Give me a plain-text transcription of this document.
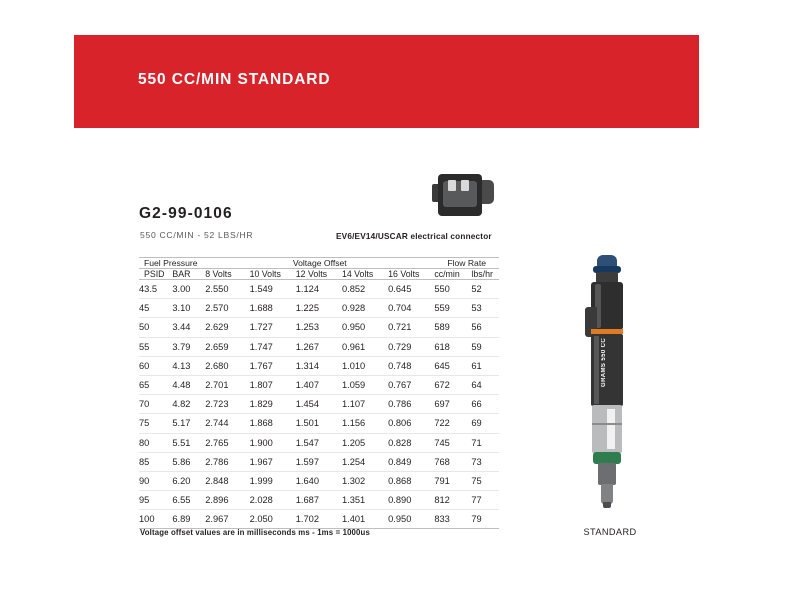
550 CC/MIN STANDARD
G2-99-0106
550 CC/MIN - 52 LBS/HR	EV6/EV14/USCAR electrical connector
Fuel Pressure		Voltage Offset					Flow Rate	
PSID	BAR	8 Volts	10 Volts	12 Volts	14 Volts	16 Volts	cc/min	lbs/hr
43.5	3.00	2.550	1.549	1.124	0.852	0.645	550	52
45	3.10	2.570	1.688	1.225	0.928	0.704	559	53
50	3.44	2.629	1.727	1.253	0.950	0.721	589	56
55	3.79	2.659	1.747	1.267	0.961	0.729	618	59
60	4.13	2.680	1.767	1.314	1.010	0.748	645	61
65	4.48	2.701	1.807	1.407	1.059	0.767	672	64
70	4.82	2.723	1.829	1.454	1.107	0.786	697	66
75	5.17	2.744	1.868	1.501	1.156	0.806	722	69
80	5.51	2.765	1.900	1.547	1.205	0.828	745	71
85	5.86	2.786	1.967	1.597	1.254	0.849	768	73
90	6.20	2.848	1.999	1.640	1.302	0.868	791	75
95	6.55	2.896	2.028	1.687	1.351	0.890	812	77
100	6.89	2.967	2.050	1.702	1.401	0.950	833	79
Voltage offset values are in milliseconds ms - 1ms = 1000us
GRAMS 550 CC
STANDARD
